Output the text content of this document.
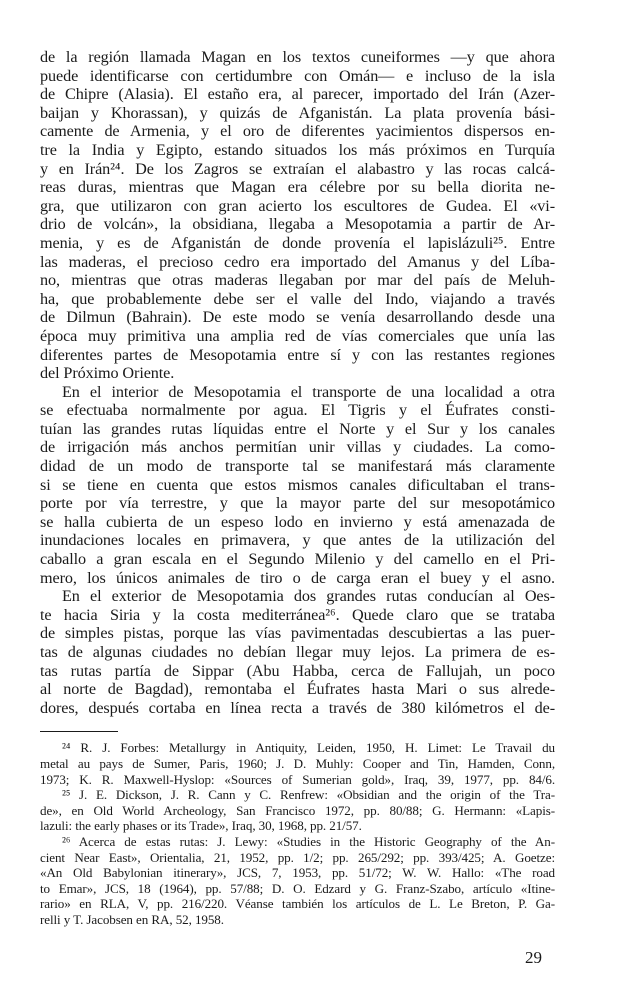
de la región llamada Magan en los textos cuneiformes —y que ahora
puede identificarse con certidumbre con Omán— e incluso de la isla
de Chipre (Alasia). El estaño era, al parecer, importado del Irán (Azer-
baijan y Khorassan), y quizás de Afganistán. La plata provenía bási-
camente de Armenia, y el oro de diferentes yacimientos dispersos en-
tre la India y Egipto, estando situados los más próximos en Turquía
y en Irán²⁴. De los Zagros se extraían el alabastro y las rocas calcá-
reas duras, mientras que Magan era célebre por su bella diorita ne-
gra, que utilizaron con gran acierto los escultores de Gudea. El «vi-
drio de volcán», la obsidiana, llegaba a Mesopotamia a partir de Ar-
menia, y es de Afganistán de donde provenía el lapislázuli²⁵. Entre
las maderas, el precioso cedro era importado del Amanus y del Líba-
no, mientras que otras maderas llegaban por mar del país de Meluh-
ha, que probablemente debe ser el valle del Indo, viajando a través
de Dilmun (Bahrain). De este modo se venía desarrollando desde una
época muy primitiva una amplia red de vías comerciales que unía las
diferentes partes de Mesopotamia entre sí y con las restantes regiones
del Próximo Oriente.
En el interior de Mesopotamia el transporte de una localidad a otra
se efectuaba normalmente por agua. El Tigris y el Éufrates consti-
tuían las grandes rutas líquidas entre el Norte y el Sur y los canales
de irrigación más anchos permitían unir villas y ciudades. La como-
didad de un modo de transporte tal se manifestará más claramente
si se tiene en cuenta que estos mismos canales dificultaban el trans-
porte por vía terrestre, y que la mayor parte del sur mesopotámico
se halla cubierta de un espeso lodo en invierno y está amenazada de
inundaciones locales en primavera, y que antes de la utilización del
caballo a gran escala en el Segundo Milenio y del camello en el Pri-
mero, los únicos animales de tiro o de carga eran el buey y el asno.
En el exterior de Mesopotamia dos grandes rutas conducían al Oes-
te hacia Siria y la costa mediterránea²⁶. Quede claro que se trataba
de simples pistas, porque las vías pavimentadas descubiertas a las puer-
tas de algunas ciudades no debían llegar muy lejos. La primera de es-
tas rutas partía de Sippar (Abu Habba, cerca de Fallujah, un poco
al norte de Bagdad), remontaba el Éufrates hasta Mari o sus alrede-
dores, después cortaba en línea recta a través de 380 kilómetros el de-
²⁴ R. J. Forbes: Metallurgy in Antiquity, Leiden, 1950, H. Limet: Le Travail du
metal au pays de Sumer, Paris, 1960; J. D. Muhly: Cooper and Tin, Hamden, Conn,
1973; K. R. Maxwell-Hyslop: «Sources of Sumerian gold», Iraq, 39, 1977, pp. 84/6.
²⁵ J. E. Dickson, J. R. Cann y C. Renfrew: «Obsidian and the origin of the Tra-
de», en Old World Archeology, San Francisco 1972, pp. 80/88; G. Hermann: «Lapis-
lazuli: the early phases or its Trade», Iraq, 30, 1968, pp. 21/57.
²⁶ Acerca de estas rutas: J. Lewy: «Studies in the Historic Geography of the An-
cient Near East», Orientalia, 21, 1952, pp. 1/2; pp. 265/292; pp. 393/425; A. Goetze:
«An Old Babylonian itinerary», JCS, 7, 1953, pp. 51/72; W. W. Hallo: «The road
to Emar», JCS, 18 (1964), pp. 57/88; D. O. Edzard y G. Franz-Szabo, artículo «Itine-
rario» en RLA, V, pp. 216/220. Véanse también los artículos de L. Le Breton, P. Ga-
relli y T. Jacobsen en RA, 52, 1958.
29
